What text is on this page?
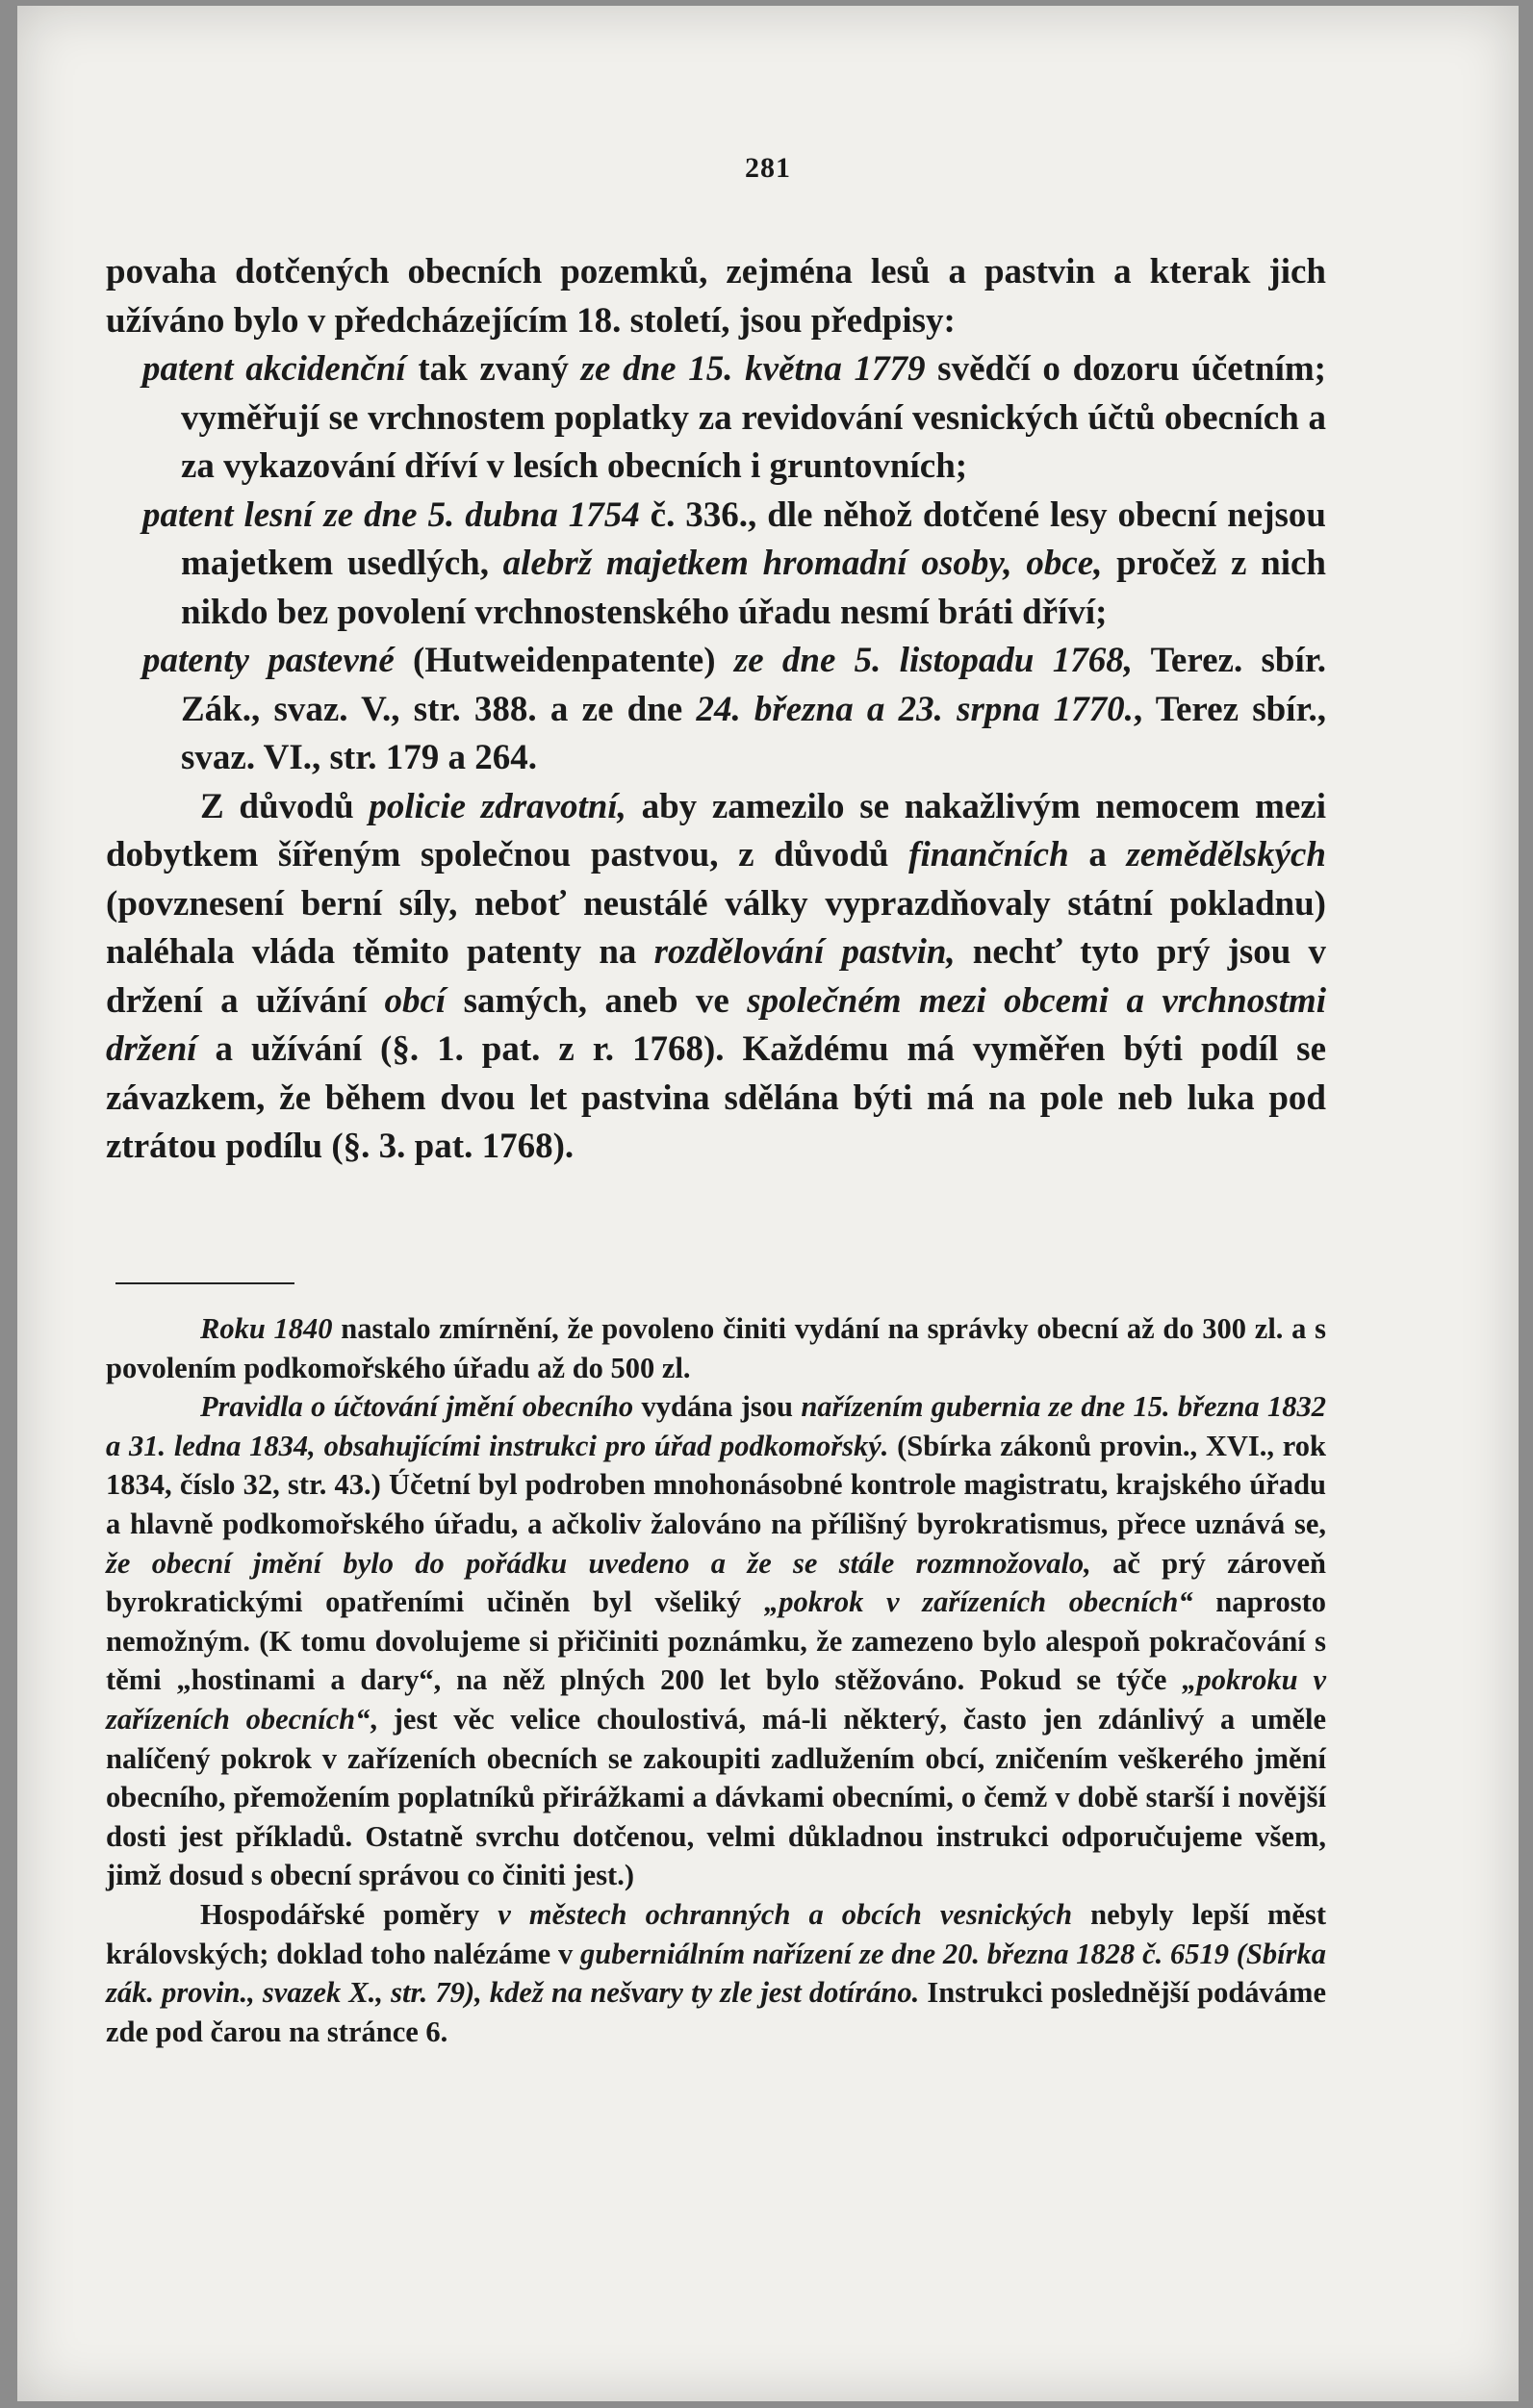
281

povaha dotčených obecních pozemků, zejména lesů a pastvin a kterak jich užíváno bylo v předcházejícím 18. století, jsou předpisy:

patent akcidenční tak zvaný ze dne 15. května 1779 svědčí o dozoru účetním; vyměřují se vrchnostem poplatky za revidování vesnických účtů obecních a za vykazování dříví v lesích obecních i gruntovních;

patent lesní ze dne 5. dubna 1754 č. 336., dle něhož dotčené lesy obecní nejsou majetkem usedlých, alebrž majetkem hromadní osoby, obce, pročež z nich nikdo bez povolení vrchnostenského úřadu nesmí bráti dříví;

patenty pastevné (Hutweidenpatente) ze dne 5. listopadu 1768, Terez. sbír. Zák., svaz. V., str. 388. a ze dne 24. března a 23. srpna 1770., Terez sbír., svaz. VI., str. 179 a 264.

Z důvodů policie zdravotní, aby zamezilo se nakažlivým nemocem mezi dobytkem šířeným společnou pastvou, z důvodů finančních a zemědělských (povznesení berní síly, neboť neustálé války vyprazdňovaly státní pokladnu) naléhala vláda těmito patenty na rozdělování pastvin, nechť tyto prý jsou v držení a užívání obcí samých, aneb ve společném mezi obcemi a vrchnostmi držení a užívání (§. 1. pat. z r. 1768). Každému má vyměřen býti podíl se závazkem, že během dvou let pastvina sdělána býti má na pole neb luka pod ztrátou podílu (§. 3. pat. 1768).

Roku 1840 nastalo zmírnění, že povoleno činiti vydání na správky obecní až do 300 zl. a s povolením podkomořského úřadu až do 500 zl.

Pravidla o účtování jmění obecního vydána jsou nařízením gubernia ze dne 15. března 1832 a 31. ledna 1834, obsahujícími instrukci pro úřad podkomořský. (Sbírka zákonů provin., XVI., rok 1834, číslo 32, str. 43.) Účetní byl podroben mnohonásobné kontrole magistratu, krajského úřadu a hlavně podkomořského úřadu, a ačkoliv žalováno na přílišný byrokratismus, přece uznává se, že obecní jmění bylo do pořádku uvedeno a že se stále rozmnožovalo, ač prý zároveň byrokratickými opatřeními učiněn byl všeliký „pokrok v zařízeních obecních“ naprosto nemožným. (K tomu dovolujeme si přičiniti poznámku, že zamezeno bylo alespoň pokračování s těmi „hostinami a dary“, na něž plných 200 let bylo stěžováno. Pokud se týče „pokroku v zařízeních obecních“, jest věc velice choulostivá, má-li některý, často jen zdánlivý a uměle nalíčený pokrok v zařízeních obecních se zakoupiti zadlužením obcí, zničením veškerého jmění obecního, přemožením poplatníků přirážkami a dávkami obecními, o čemž v době starší i novější dosti jest příkladů. Ostatně svrchu dotčenou, velmi důkladnou instrukci odporučujeme všem, jimž dosud s obecní správou co činiti jest.)

Hospodářské poměry v městech ochranných a obcích vesnických nebyly lepší měst královských; doklad toho nalézáme v guberniálním nařízení ze dne 20. března 1828 č. 6519 (Sbírka zák. provin., svazek X., str. 79), kdež na nešvary ty zle jest dotíráno. Instrukci poslednější podáváme zde pod čarou na stránce 6.
